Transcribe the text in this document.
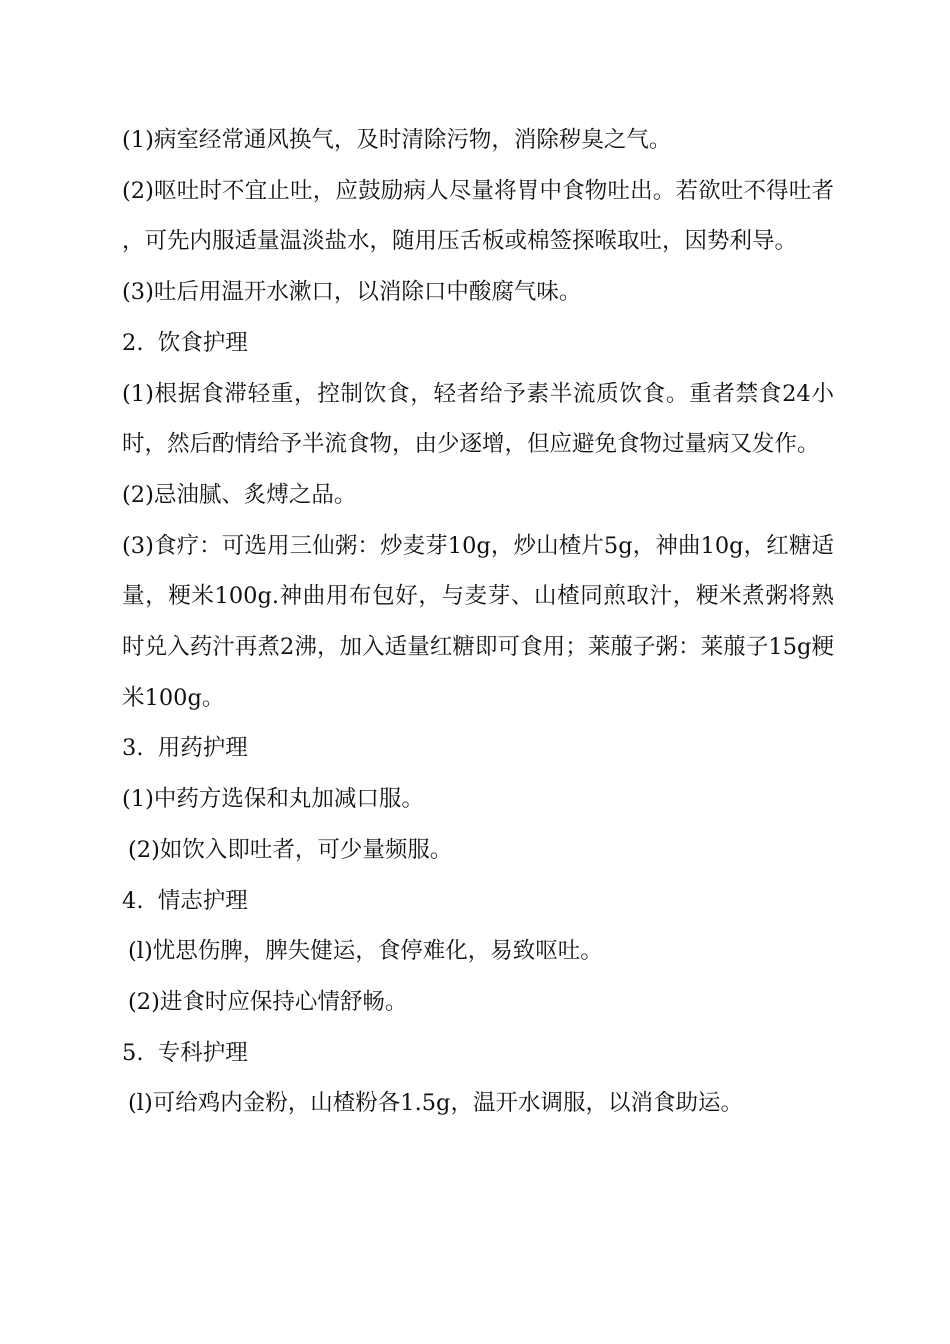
(1)病室经常通风换气，及时清除污物，消除秽臭之气。

(2)呕吐时不宜止吐，应鼓励病人尽量将胃中食物吐出。若欲吐不得吐者，可先内服适量温淡盐水，随用压舌板或棉签探喉取吐，因势利导。

(3)吐后用温开水漱口，以消除口中酸腐气味。

2.  饮食护理

(1)根据食滞轻重，控制饮食，轻者给予素半流质饮食。重者禁食24小时，然后酌情给予半流食物，由少逐增，但应避免食物过量病又发作。

(2)忌油腻、炙煿之品。

(3)食疗：可选用三仙粥：炒麦芽10g，炒山楂片5g，神曲10g，红糖适量，粳米100g.神曲用布包好，与麦芽、山楂同煎取汁，粳米煮粥将熟时兑入药汁再煮2沸，加入适量红糖即可食用；莱菔子粥：莱菔子15g粳米100g。

3.  用药护理

(1)中药方选保和丸加减口服。

(2)如饮入即吐者，可少量频服。

4.  情志护理

(l)忧思伤脾，脾失健运，食停难化，易致呕吐。

(2)进食时应保持心情舒畅。

5.  专科护理

(l)可给鸡内金粉，山楂粉各1.5g，温开水调服，以消食助运。
